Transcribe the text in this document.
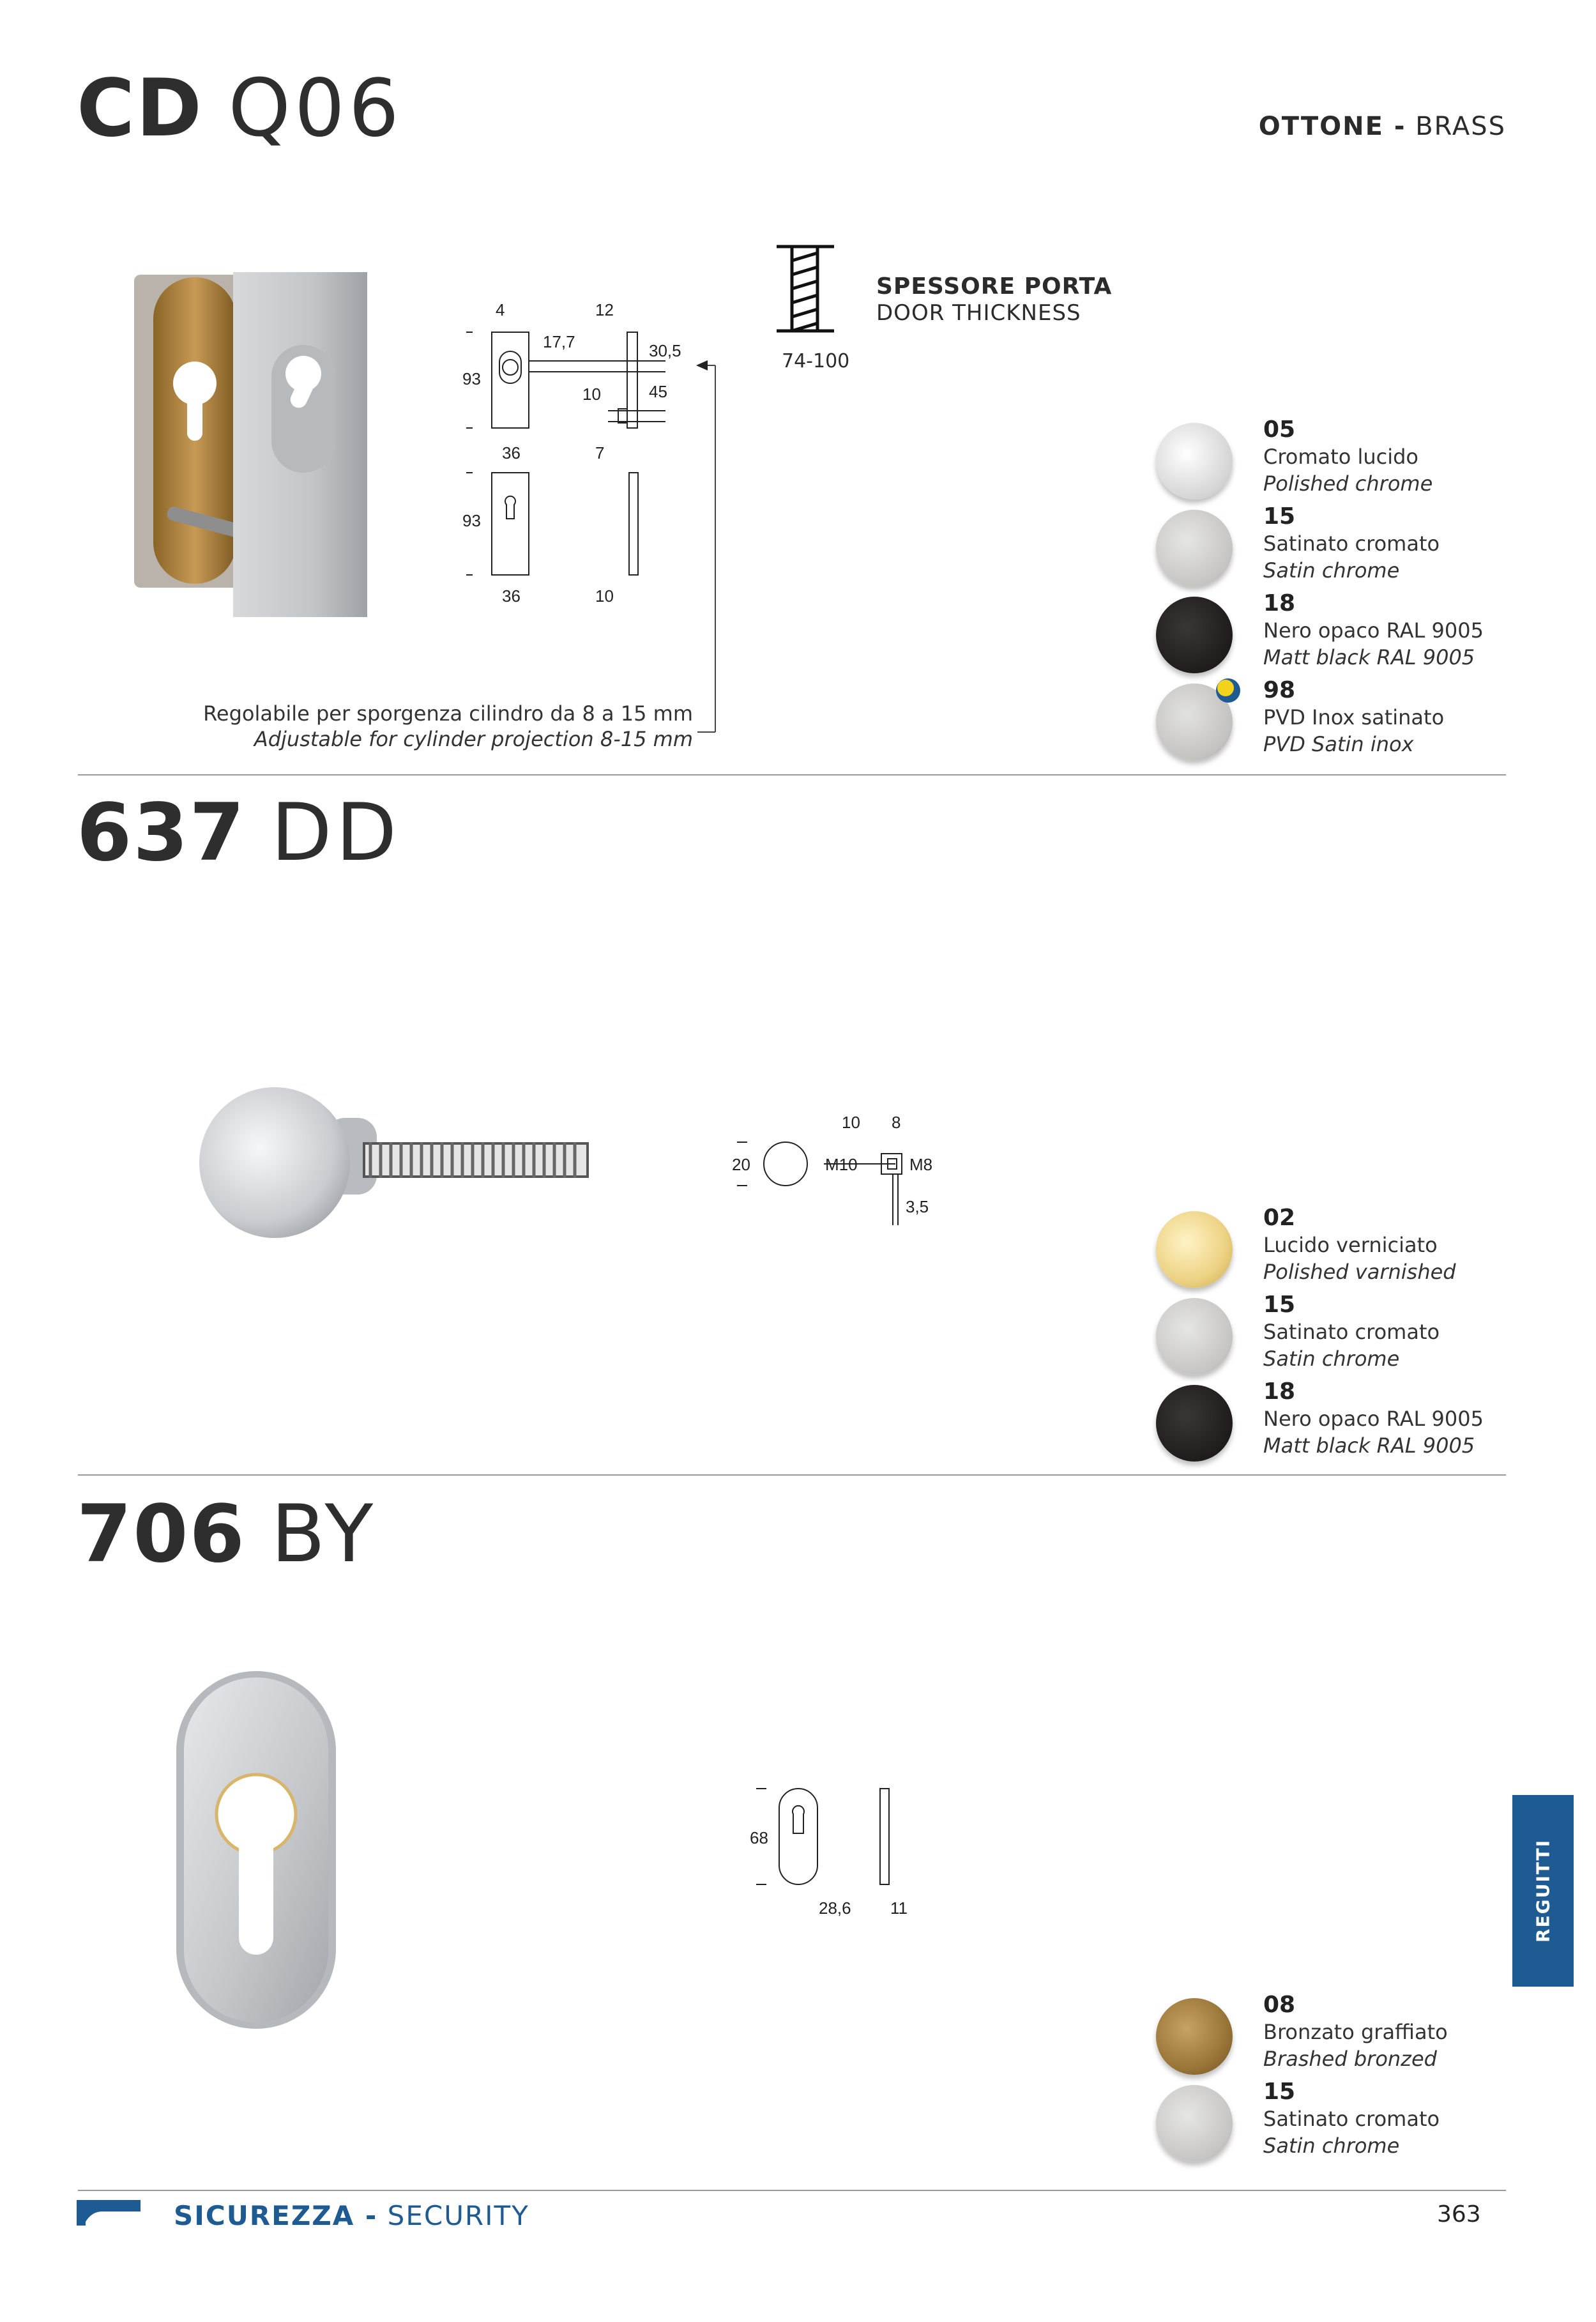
CD Q06	OTTONE - BRASS
4	12
17,7	30,5
93
10	45
36	7
93
36	10
Regolabile per sporgenza cilindro da 8 a 15 mm
Adjustable for cylinder projection 8-15 mm
SPESSORE PORTA
DOOR THICKNESS
74-100
05
Cromato lucido
Polished chrome
15
Satinato cromato
Satin chrome
18
Nero opaco RAL 9005
Matt black RAL 9005
98
PVD Inox satinato
PVD Satin inox
637 DD
10 8
20	M10	M8
3,5	02
Lucido verniciato
Polished varnished
15
Satinato cromato
Satin chrome
18
Nero opaco RAL 9005
Matt black RAL 9005
706 BY
68
28,6 11
08
Bronzato graffiato
Brashed bronzed
15
Satinato cromato
Satin chrome
REGUITTI
SICUREZZA - SECURITY	363
